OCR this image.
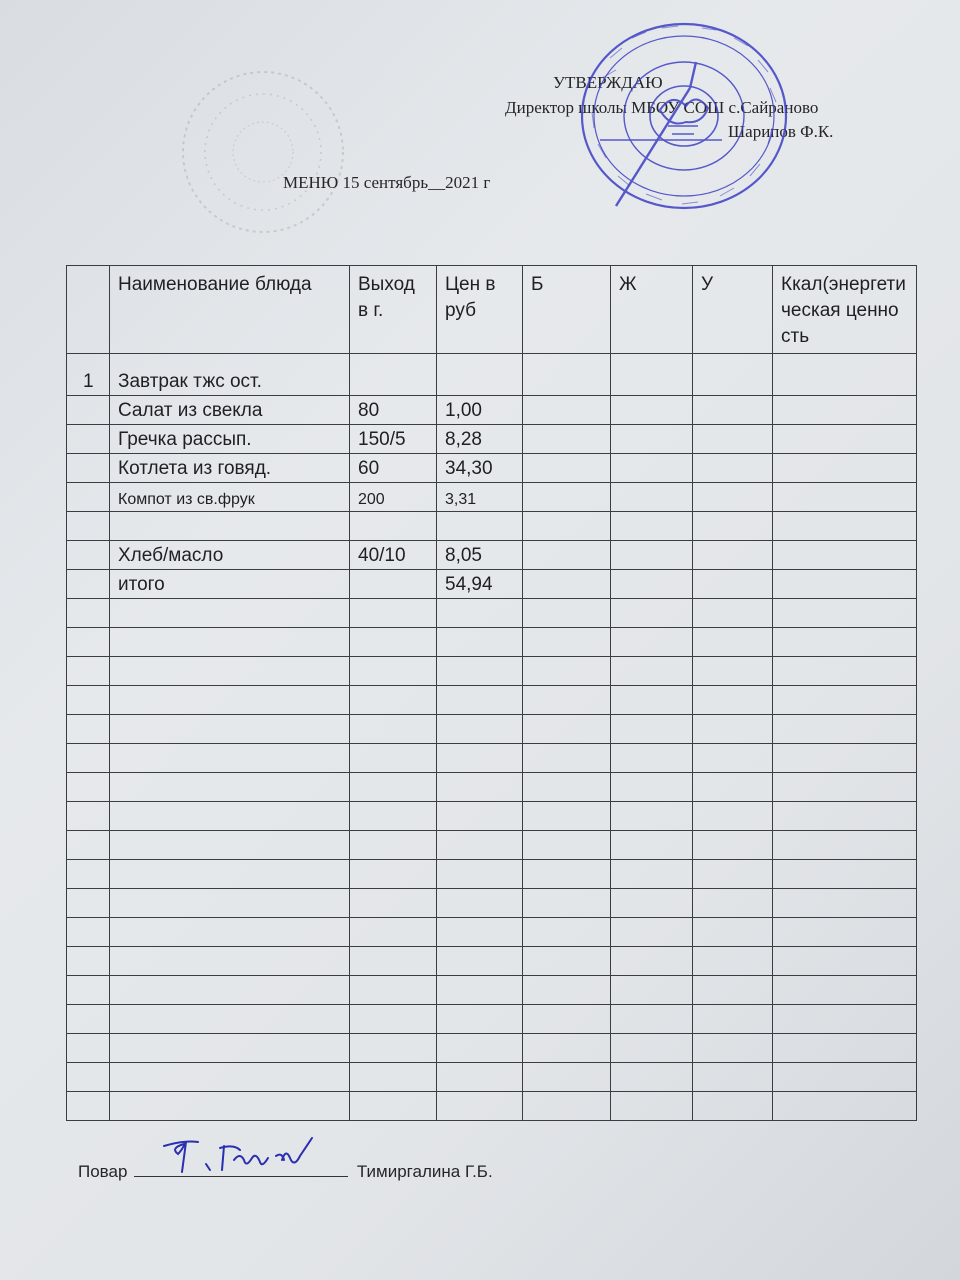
УТВЕРЖДАЮ
Директор школы МБОУ СОШ с.Сайраново
Шарипов Ф.К.
МЕНЮ 15 сентябрь__2021 г
	Наименование блюда	Выход в г.	Цен в руб	Б	Ж	У	Ккал(энергетическая ценность
1	Завтрак тжс ост.						
	Салат из свекла	80	1,00				
	Гречка рассып.	150/5	8,28				
	Котлета из говяд.	60	34,30				
	Компот из св.фрук	200	3,31				

	Хлеб/масло	40/10	8,05				
	итого		54,94				

Повар	Тимиргалина Г.Б.
